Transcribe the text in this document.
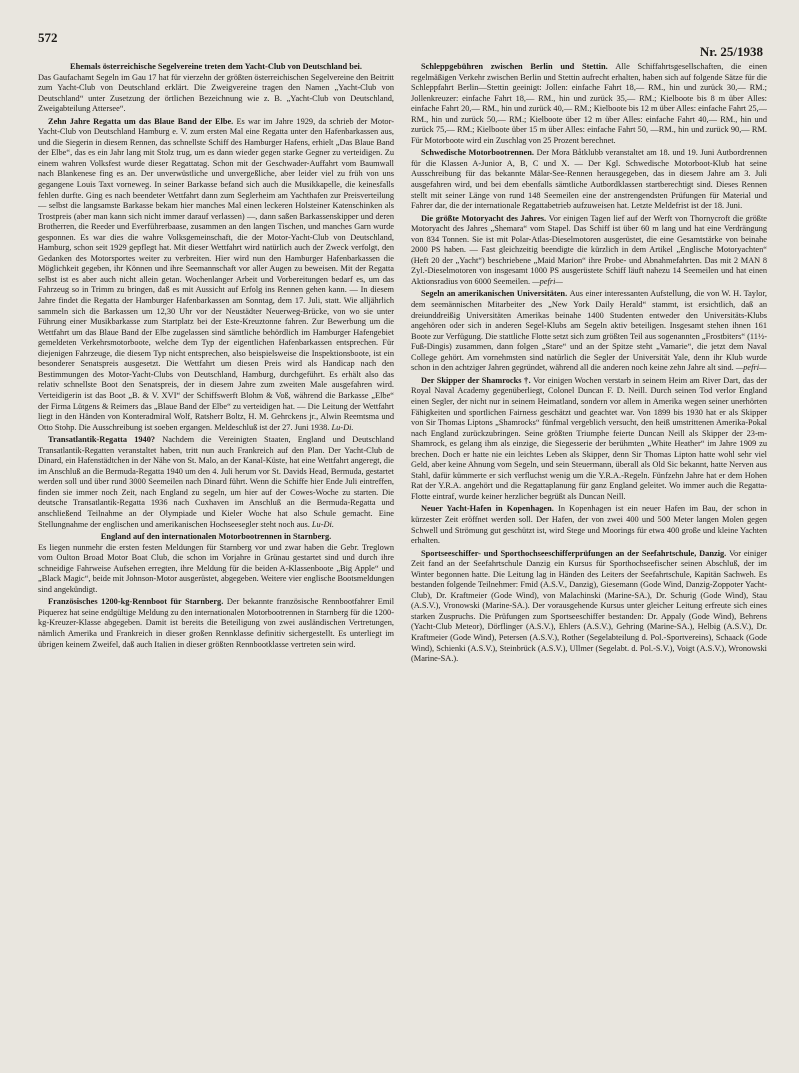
572
Nr. 25/1938

Ehemals österreichische Segelvereine treten dem Yacht-Club von Deutschland bei.
Das Gaufachamt Segeln im Gau 17 hat für vierzehn der größten österreichischen Segelvereine den Beitritt zum Yacht-Club von Deutschland erklärt. Die Zweigvereine tragen den Namen „Yacht-Club von Deutschland“ unter Zusetzung der örtlichen Bezeichnung wie z. B. „Yacht-Club von Deutschland, Zweigabteilung Attersee“.

Zehn Jahre Regatta um das Blaue Band der Elbe. Es war im Jahre 1929, da schrieb der Motor-Yacht-Club von Deutschland Hamburg e. V. zum ersten Mal eine Regatta unter den Hafenbarkassen aus, und die Siegerin in diesem Rennen, das schnellste Schiff des Hamburger Hafens, erhielt „Das Blaue Band der Elbe“, das es ein Jahr lang mit Stolz trug, um es dann wieder gegen starke Gegner zu verteidigen. Zu einem wahren Volksfest wurde dieser Regattatag. Schon mit der Geschwader-Auffahrt vom Baumwall nach Blankenese fing es an. Der unverwüstliche und unvergeßliche, aber leider viel zu früh von uns gegangene Louis Taxt vorneweg. In seiner Barkasse befand sich auch die Musikkapelle, die keinesfalls fehlen durfte. Ging es nach beendeter Wettfahrt dann zum Seglerheim am Yachthafen zur Preisverteilung — selbst die langsamste Barkasse bekam hier manches Mal einen leckeren Holsteiner Katenschinken als Trostpreis (aber man kann sich nicht immer darauf verlassen) —, dann saßen Barkassenskipper und deren Brotherren, die Reeder und Everführerbaase, zusammen an den langen Tischen, und manches Garn wurde gesponnen. Es war dies die wahre Volksgemeinschaft, die der Motor-Yacht-Club von Deutschland, Hamburg, schon seit 1929 gepflegt hat. Mit dieser Wettfahrt wird natürlich auch der Zweck verfolgt, den Gedanken des Motorsportes weiter zu verbreiten. Hier wird nun den Hamburger Hafenbarkassen die Möglichkeit gegeben, ihr Können und ihre Seemannschaft vor aller Augen zu beweisen. Mit der Regatta selbst ist es aber auch nicht allein getan. Wochenlanger Arbeit und Vorbereitungen bedarf es, um das Fahrzeug so in Trimm zu bringen, daß es mit Aussicht auf Erfolg ins Rennen gehen kann. — In diesem Jahre findet die Regatta der Hamburger Hafenbarkassen am Sonntag, dem 17. Juli, statt. Wie alljährlich sammeln sich die Barkassen um 12,30 Uhr vor der Neustädter Neuerweg-Brücke, von wo sie unter Führung einer Musikbarkasse zum Startplatz bei der Este-Kreuztonne fahren. Zur Bewerbung um die Wettfahrt um das Blaue Band der Elbe zugelassen sind sämtliche behördlich im Hamburger Hafengebiet gemeldeten Verkehrsmotorboote, welche dem Typ der eigentlichen Hafenbarkassen entsprechen. Für diejenigen Fahrzeuge, die diesem Typ nicht entsprechen, also beispielsweise die Inspektionsboote, ist ein besonderer Senatspreis ausgesetzt. Die Wettfahrt um diesen Preis wird als Handicap nach den Bestimmungen des Motor-Yacht-Clubs von Deutschland, Hamburg, durchgeführt. Es erhält also das relativ schnellste Boot den Senatspreis, der in diesem Jahre zum zweiten Male ausgefahren wird. Verteidigerin ist das Boot „B. & V. XVI“ der Schiffswerft Blohm & Voß, während die Barkasse „Elbe“ der Firma Lütgens & Reimers das „Blaue Band der Elbe“ zu verteidigen hat. — Die Leitung der Wettfahrt liegt in den Händen von Konteradmiral Wolf, Ratsherr Boltz, H. M. Gehrckens jr., Alwin Reemtsma und Otto Stohp. Die Ausschreibung ist soeben ergangen. Meldeschluß ist der 27. Juni 1938. Lu-Di.

Transatlantik-Regatta 1940? Nachdem die Vereinigten Staaten, England und Deutschland Transatlantik-Regatten veranstaltet haben, tritt nun auch Frankreich auf den Plan. Der Yacht-Club de Dinard, ein Hafenstädtchen in der Nähe von St. Malo, an der Kanal-Küste, hat eine Wettfahrt angeregt, die im Anschluß an die Bermuda-Regatta 1940 um den 4. Juli herum vor St. Davids Head, Bermuda, gestartet werden soll und über rund 3000 Seemeilen nach Dinard führt. Wenn die Schiffe hier Ende Juli eintreffen, finden sie immer noch Zeit, nach England zu segeln, um hier auf der Cowes-Woche zu starten. Die deutsche Transatlantik-Regatta 1936 nach Cuxhaven im Anschluß an die Bermuda-Regatta und anschließend Teilnahme an der Olympiade und Kieler Woche hat also Schule gemacht. Eine Stellungnahme der englischen und amerikanischen Hochseesegler steht noch aus. Lu-Di.

England auf den internationalen Motorbootrennen in Starnberg.
Es liegen nunmehr die ersten festen Meldungen für Starnberg vor und zwar haben die Gebr. Treglown vom Oulton Broad Motor Boat Club, die schon im Vorjahre in Grünau gestartet sind und durch ihre schneidige Fahrweise Aufsehen erregten, ihre Meldung für die beiden A-Klassenboote „Big Apple“ und „Black Magic“, beide mit Johnson-Motor ausgerüstet, abgegeben. Weitere vier englische Bootsmeldungen sind angekündigt.

Französisches 1200-kg-Rennboot für Starnberg. Der bekannte französische Rennbootfahrer Emil Piquerez hat seine endgültige Meldung zu den internationalen Motorbootrennen in Starnberg für die 1200-kg-Kreuzer-Klasse abgegeben. Damit ist bereits die Beteiligung von zwei ausländischen Vertretungen, nämlich Amerika und Frankreich in dieser großen Rennklasse definitiv sichergestellt. Es unterliegt im übrigen keinem Zweifel, daß auch Italien in dieser größten Rennbootklasse vertreten sein wird.

Schleppgebühren zwischen Berlin und Stettin. Alle Schiffahrtsgesellschaften, die einen regelmäßigen Verkehr zwischen Berlin und Stettin aufrecht erhalten, haben sich auf folgende Sätze für die Schleppfahrt Berlin—Stettin geeinigt: Jollen: einfache Fahrt 18,— RM., hin und zurück 30,— RM.; Jollenkreuzer: einfache Fahrt 18,— RM., hin und zurück 35,— RM.; Kielboote bis 8 m über Alles: einfache Fahrt 20,— RM., hin und zurück 40,— RM.; Kielboote bis 12 m über Alles: einfache Fahrt 25,— RM., hin und zurück 50,— RM.; Kielboote über 12 m über Alles: einfache Fahrt 40,— RM., hin und zurück 75,— RM.; Kielboote über 15 m über Alles: einfache Fahrt 50, —RM., hin und zurück 90,— RM. Für Motorboote wird ein Zuschlag von 25 Prozent berechnet.

Schwedische Motorbootrennen. Der Mora Båtklubb veranstaltet am 18. und 19. Juni Autbordrennen für die Klassen A-Junior A, B, C und X. — Der Kgl. Schwedische Motorboot-Klub hat seine Ausschreibung für das bekannte Mälar-See-Rennen herausgegeben, das in diesem Jahre am 3. Juli ausgefahren wird, und bei dem ebenfalls sämtliche Autbordklassen startberechtigt sind. Dieses Rennen stellt mit seiner Länge von rund 148 Seemeilen eine der anstrengendsten Prüfungen für Material und Fahrer dar, die der internationale Regattabetrieb aufzuweisen hat. Letzte Meldefrist ist der 18. Juni.

Die größte Motoryacht des Jahres. Vor einigen Tagen lief auf der Werft von Thornycroft die größte Motoryacht des Jahres „Shemara“ vom Stapel. Das Schiff ist über 60 m lang und hat eine Verdrängung von 834 Tonnen. Sie ist mit Polar-Atlas-Dieselmotoren ausgerüstet, die eine Gesamtstärke von beinahe 2000 PS haben. — Fast gleichzeitig beendigte die kürzlich in dem Artikel „Englische Motoryachten“ (Heft 20 der „Yacht“) beschriebene „Maid Marion“ ihre Probe- und Abnahmefahrten. Das mit 2 MAN 8 Zyl.-Dieselmotoren von insgesamt 1000 PS ausgerüstete Schiff läuft nahezu 14 Seemeilen und hat einen Aktionsradius von 6000 Seemeilen. —pefri—

Segeln an amerikanischen Universitäten. Aus einer interessanten Aufstellung, die von W. H. Taylor, dem seemännischen Mitarbeiter des „New York Daily Herald“ stammt, ist ersichtlich, daß an dreiunddreißig Universitäten Amerikas beinahe 1400 Studenten entweder den Universitäts-Klubs angehören oder sich in anderen Segel-Klubs am Segeln aktiv beteiligen. Insgesamt stehen ihnen 161 Boote zur Verfügung. Die stattliche Flotte setzt sich zum größten Teil aus sogenannten „Frostbiters“ (11½-Fuß-Dingis) zusammen, dann folgen „Stare“ und an der Spitze steht „Vamarie“, die jetzt dem Naval College gehört. Am vornehmsten sind natürlich die Segler der Universität Yale, denn ihr Klub wurde schon in den achtziger Jahren gegründet, während all die anderen noch keine zehn Jahre alt sind. —pefri—

Der Skipper der Shamrocks †. Vor einigen Wochen verstarb in seinem Heim am River Dart, das der Royal Naval Academy gegenüberliegt, Colonel Duncan F. D. Neill. Durch seinen Tod verlor England einen Segler, der nicht nur in seinem Heimatland, sondern vor allem in Amerika wegen seiner unerhörten Fähigkeiten und sportlichen Fairness geschätzt und geachtet war. Von 1899 bis 1930 hat er als Skipper von Sir Thomas Liptons „Shamrocks“ fünfmal vergeblich versucht, den heiß umstrittenen Amerika-Pokal nach England zurückzubringen. Seine größten Triumphe feierte Duncan Neill als Skipper der 23-m-Shamrock, es gelang ihm als einzige, die Siegesserie der berühmten „White Heather“ im Jahre 1909 zu brechen. Doch er hatte nie ein leichtes Leben als Skipper, denn Sir Thomas Lipton hatte wohl sehr viel Geld, aber keine Ahnung vom Segeln, und sein Steuermann, überall als Old Sic bekannt, hatte Nerven aus Stahl, dafür kümmerte er sich verfluchst wenig um die Y.R.A.-Regeln. Fünfzehn Jahre hat er dem Hohen Rat der Y.R.A. angehört und die Regattaplanung für ganz England geleitet. Wo immer auch die Regatta-Flotte eintraf, wurde keiner herzlicher begrüßt als Duncan Neill.

Neuer Yacht-Hafen in Kopenhagen. In Kopenhagen ist ein neuer Hafen im Bau, der schon in kürzester Zeit eröffnet werden soll. Der Hafen, der von zwei 400 und 500 Meter langen Molen gegen Schwell und Strömung gut geschützt ist, wird Stege und Moorings für etwa 400 große und kleine Yachten erhalten.

Sportseeschiffer- und Sporthochseeschifferprüfungen an der Seefahrtschule, Danzig. Vor einiger Zeit fand an der Seefahrtschule Danzig ein Kursus für Sporthochseefischer seinen Abschluß, der im Winter begonnen hatte. Die Leitung lag in Händen des Leiters der Seefahrtschule, Kapitän Sachweh. Es bestanden folgende Teilnehmer: Fmid (A.S.V., Danzig), Giesemann (Gode Wind, Danzig-Zoppoter Yacht-Club), Dr. Kraftmeier (Gode Wind), von Malachinski (Marine-SA.), Dr. Schurig (Gode Wind), Stau (A.S.V.), Vronowski (Marine-SA.). Der vorausgehende Kursus unter gleicher Leitung erfreute sich eines starken Zuspruchs. Die Prüfungen zum Sportseeschiffer bestanden: Dr. Appaly (Gode Wind), Behrens (Yacht-Club Meteor), Dörflinger (A.S.V.), Ehlers (A.S.V.), Gehring (Marine-SA.), Helbig (A.S.V.), Dr. Kraftmeier (Gode Wind), Petersen (A.S.V.), Rother (Segelabteilung d. Pol.-Sportvereins), Schaack (Gode Wind), Schienki (A.S.V.), Steinbrück (A.S.V.), Ullmer (Segelabt. d. Pol.-S.V.), Voigt (A.S.V.), Wronowski (Marine-SA.).
